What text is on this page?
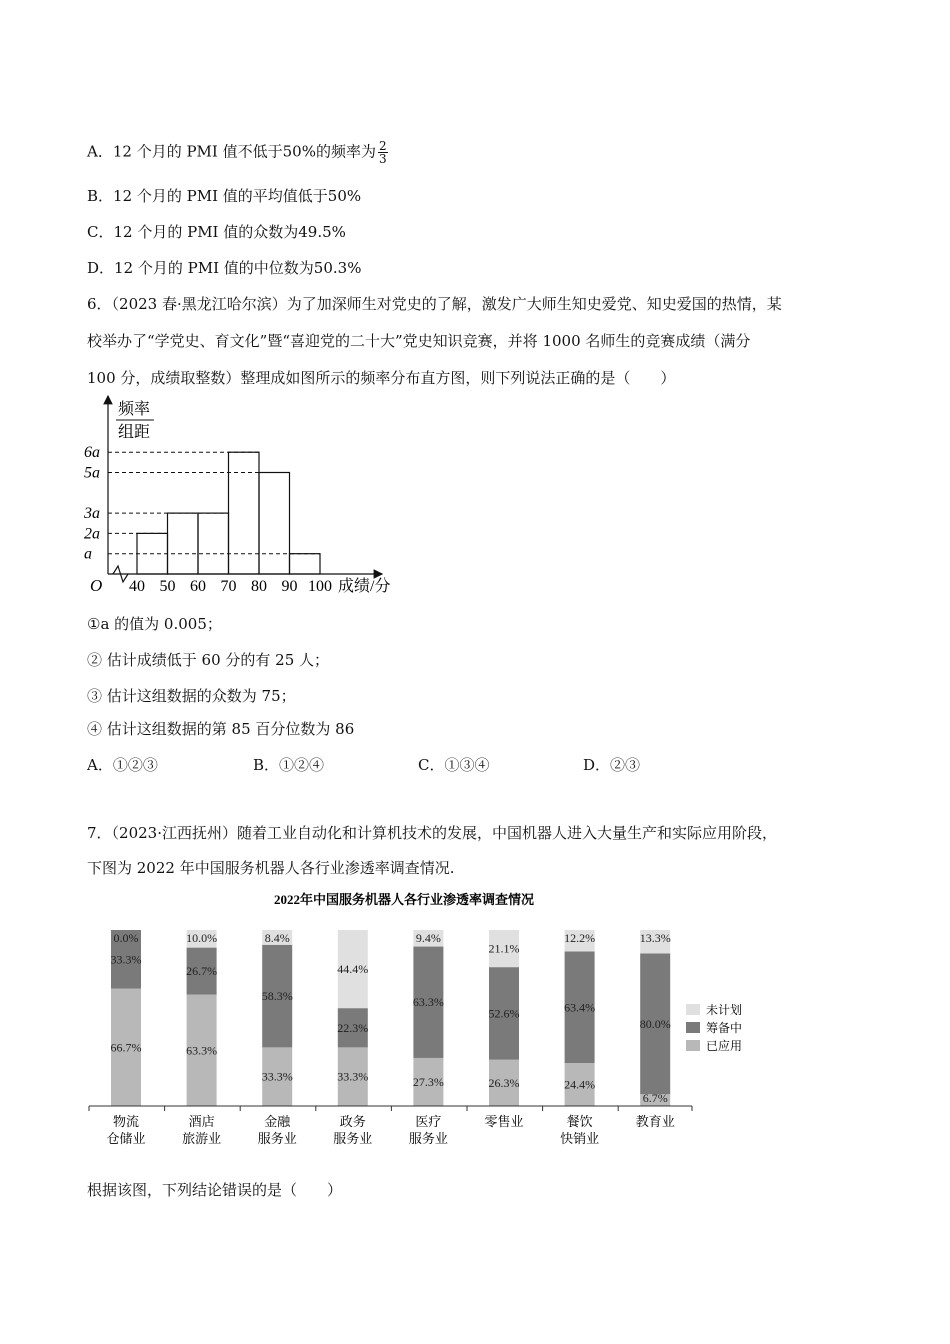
A．12 个月的 PMI 值不低于50%的频率为 $\frac{2}{3}$
B．12 个月的 PMI 值的平均值低于50%
C．12 个月的 PMI 值的众数为49.5%
D．12 个月的 PMI 值的中位数为50.3%
6．（2023 春·黑龙江哈尔滨）为了加深师生对党史的了解，激发广大师生知史爱党、知史爱国的热情，某
校举办了“学党史、育文化”暨“喜迎党的二十大”党史知识竞赛，并将 1000 名师生的竞赛成绩（满分
100 分，成绩取整数）整理成如图所示的频率分布直方图，则下列说法正确的是（　　）
频率
组距
O
a
2a
3a
5a
6a
40 50 60 70 80 90 100 成绩/分
①a 的值为 0.005；
② 估计成绩低于 60 分的有 25 人；
③ 估计这组数据的众数为 75；
④ 估计这组数据的第 85 百分位数为 86
A．①②③	B．①②④	C．①③④	D．②③
7．（2023·江西抚州）随着工业自动化和计算机技术的发展，中国机器人进入大量生产和实际应用阶段，
下图为 2022 年中国服务机器人各行业渗透率调查情况.
2022年中国服务机器人各行业渗透率调查情况
0.0%
33.3%
66.7%
10.0%
26.7%
63.3%
8.4%
58.3%
33.3%
44.4%
22.3%
33.3%
9.4%
63.3%
27.3%
21.1%
52.6%
26.3%
12.2%
63.4%
24.4%
13.3%
80.0%
6.7%
物流
仓储业
酒店
旅游业
金融
服务业
政务
服务业
医疗
服务业
零售业	餐饮
快销业
教育业
未计划
筹备中
已应用
根据该图，下列结论错误的是（　　）
